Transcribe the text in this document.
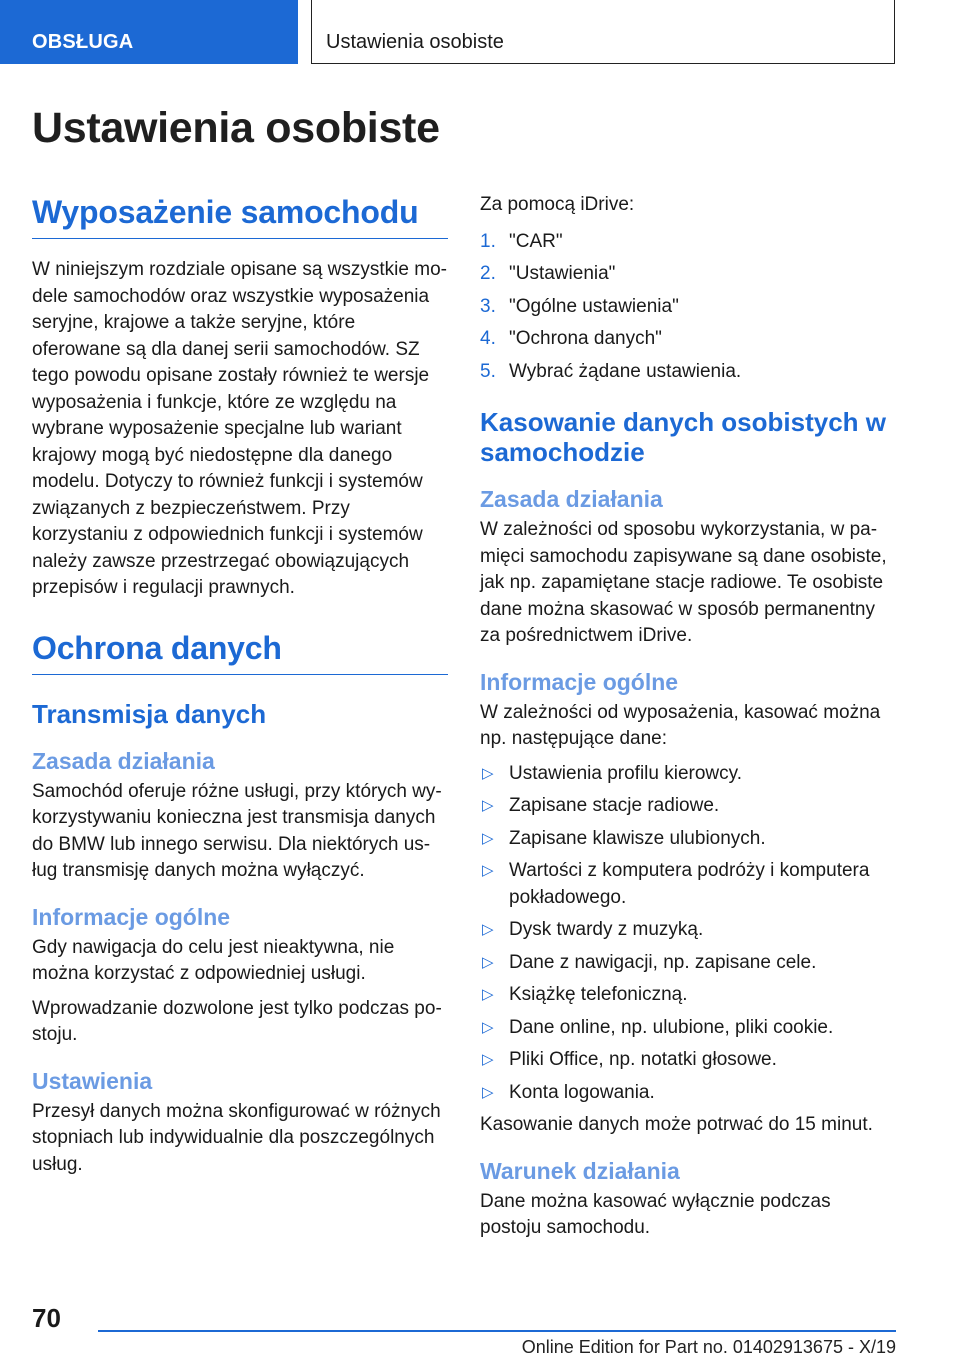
OBSŁUGA	Ustawienia osobiste
Ustawienia osobiste
Wyposażenie samochodu

W niniejszym rozdziale opisane są wszystkie modele samochodów oraz wszystkie wyposażenia seryjne, krajowe a także seryjne, które oferowane są dla danej serii samochodów. SZ tego powodu opisane zostały również te wersje wyposażenia i funkcje, które ze względu na wybrane wyposażenie specjalne lub wariant krajowy mogą być niedostępne dla danego modelu. Dotyczy to również funkcji i systemów związanych z bezpieczeństwem. Przy korzystaniu z odpowiednich funkcji i systemów należy zawsze przestrzegać obowiązujących przepisów i regulacji prawnych.

Ochrona danych
Transmisja danych
Zasada działania

Samochód oferuje różne usługi, przy których wykorzystywaniu konieczna jest transmisja danych do BMW lub innego serwisu. Dla niektórych usług transmisję danych można wyłączyć.

Informacje ogólne

Gdy nawigacja do celu jest nieaktywna, nie można korzystać z odpowiedniej usługi.

Wprowadzanie dozwolone jest tylko podczas postoju.

Ustawienia

Przesył danych można skonfigurować w różnych stopniach lub indywidualnie dla poszczególnych usług.

Za pomocą iDrive:

1. "CAR"
2. "Ustawienia"
3. "Ogólne ustawienia"
4. "Ochrona danych"
5. Wybrać żądane ustawienia.
Kasowanie danych osobistych w samochodzie
Zasada działania

W zależności od sposobu wykorzystania, w pamięci samochodu zapisywane są dane osobiste, jak np. zapamiętane stacje radiowe. Te osobiste dane można skasować w sposób permanentny za pośrednictwem iDrive.

Informacje ogólne

W zależności od wyposażenia, kasować można np. następujące dane:

▷ Ustawienia profilu kierowcy.
▷ Zapisane stacje radiowe.
▷ Zapisane klawisze ulubionych.
▷ Wartości z komputera podróży i komputera pokładowego.
▷ Dysk twardy z muzyką.
▷ Dane z nawigacji, np. zapisane cele.
▷ Książkę telefoniczną.
▷ Dane online, np. ulubione, pliki cookie.
▷ Pliki Office, np. notatki głosowe.
▷ Konta logowania.

Kasowanie danych może potrwać do 15 minut.

Warunek działania

Dane można kasować wyłącznie podczas postoju samochodu.

70
Online Edition for Part no. 01402913675 - X/19
